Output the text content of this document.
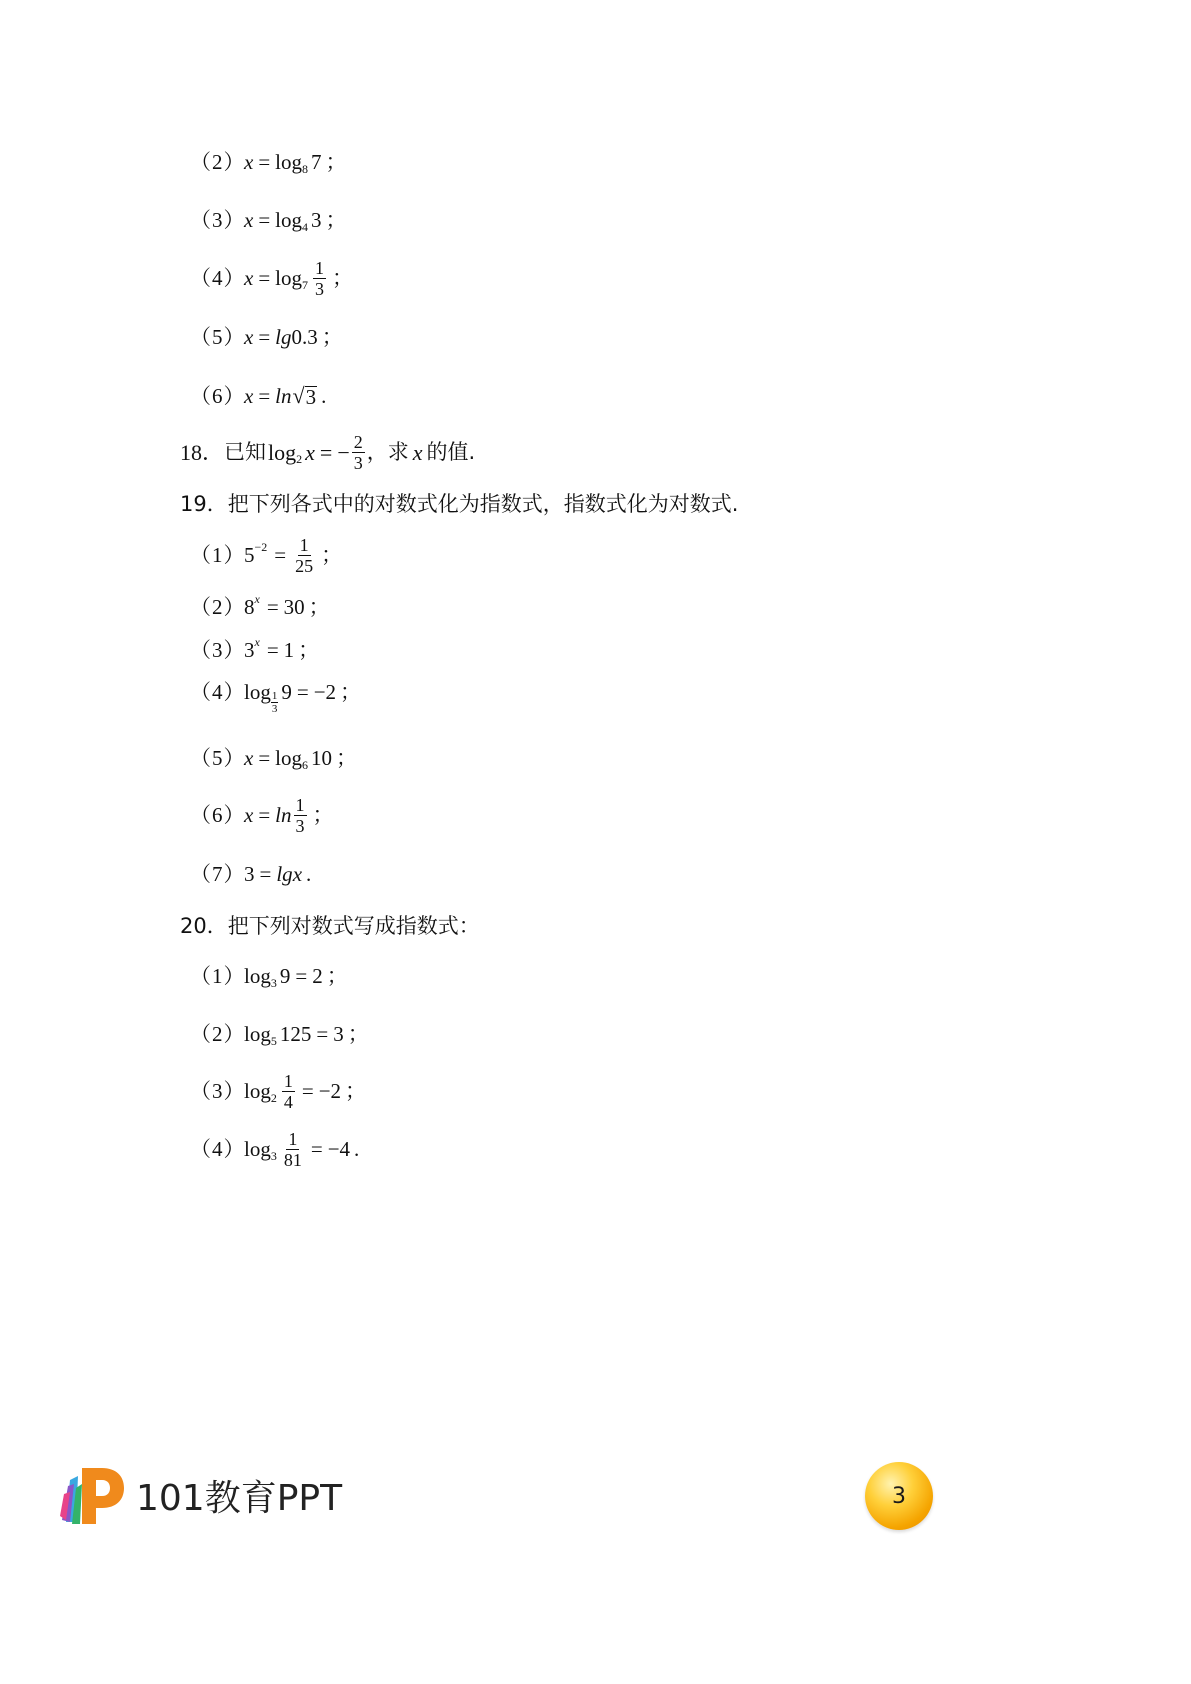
（2）
x = log 8 7 ；
（3）
x = log 4 3 ；
（4）
$x = \log 7 \frac{1}{3}$ ；
（5）
x = lg 0.3 ；
（6）
x = ln √ 3 .
18． 已知 log 2 x = − $\frac{2}{3}$ ，求 x 的值.
19．把下列各式中的对数式化为指数式，指数式化为对数式.
（1）
$5 -2 = \frac{1}{25}$ ；
（2）
8 x = 30 ；
（3）
3 x = 1 ；
（4）
log 1
3
9 = −2 ；
（5）
x = log 6 10 ；
（6）
$x = \ln \frac{1}{3}$ ；
（7）
3 = lg x .
20．把下列对数式写成指数式：
（1）
log 3 9 = 2 ；
（2）
log 5 125 = 3 ；
（3）
$\log 2 \frac{1}{4} = -2$ ；
（4）
$\log 3 \frac{1}{81} = -4$ .
101教育PPT	3
